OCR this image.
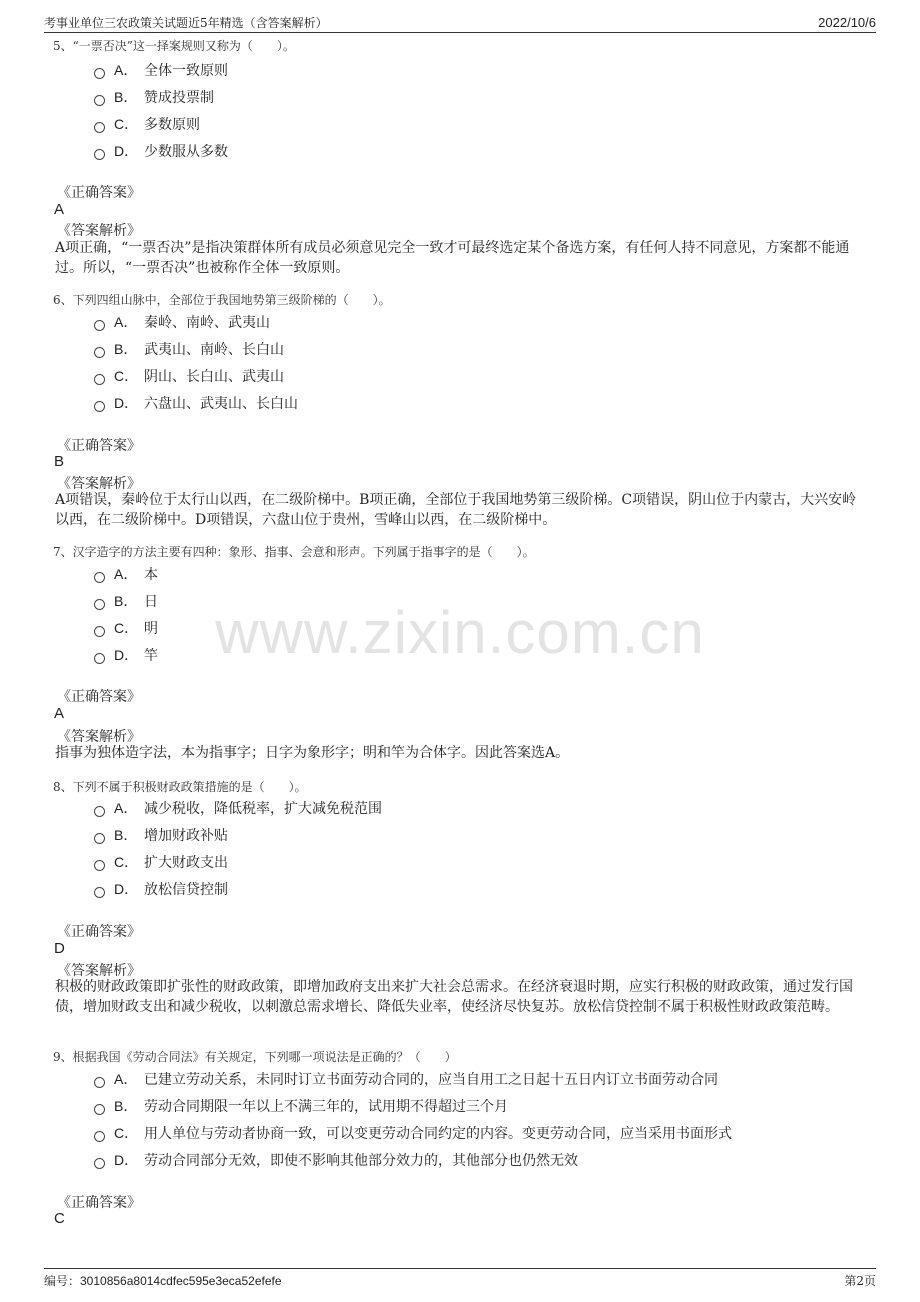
考事业单位三农政策关试题近5年精选（含答案解析）	2022/10/6
www.zixin.com.cn
5、“一票否决”这一择案规则又称为（　　）。
A． 全体一致原则
B． 赞成投票制
C． 多数原则
D． 少数服从多数
《正确答案》
A
《答案解析》
A项正确，“一票否决”是指决策群体所有成员必须意见完全一致才可最终选定某个备选方案，有任何人持不同意见，方案都不能通过。所以，“一票否决”也被称作全体一致原则。
6、下列四组山脉中，全部位于我国地势第三级阶梯的（　　）。
A． 秦岭、南岭、武夷山
B． 武夷山、南岭、长白山
C． 阴山、长白山、武夷山
D． 六盘山、武夷山、长白山
《正确答案》
B
《答案解析》
A项错误，秦岭位于太行山以西，在二级阶梯中。B项正确，全部位于我国地势第三级阶梯。C项错误，阴山位于内蒙古，大兴安岭以西，在二级阶梯中。D项错误，六盘山位于贵州，雪峰山以西，在二级阶梯中。
7、汉字造字的方法主要有四种：象形、指事、会意和形声。下列属于指事字的是（　　）。
A． 本
B． 日
C． 明
D． 竿
《正确答案》
A
《答案解析》
指事为独体造字法，本为指事字；日字为象形字；明和竿为合体字。因此答案选A。
8、下列不属于积极财政政策措施的是（　　）。
A． 减少税收，降低税率，扩大减免税范围
B． 增加财政补贴
C． 扩大财政支出
D． 放松信贷控制
《正确答案》
D
《答案解析》
积极的财政政策即扩张性的财政政策，即增加政府支出来扩大社会总需求。在经济衰退时期，应实行积极的财政政策，通过发行国债，增加财政支出和减少税收，以刺激总需求增长、降低失业率，使经济尽快复苏。放松信贷控制不属于积极性财政政策范畴。
9、根据我国《劳动合同法》有关规定，下列哪一项说法是正确的？（　　）
A． 已建立劳动关系，未同时订立书面劳动合同的，应当自用工之日起十五日内订立书面劳动合同
B． 劳动合同期限一年以上不满三年的，试用期不得超过三个月
C． 用人单位与劳动者协商一致，可以变更劳动合同约定的内容。变更劳动合同，应当采用书面形式
D． 劳动合同部分无效，即使不影响其他部分效力的，其他部分也仍然无效
《正确答案》
C
编号：3010856a8014cdfec595e3eca52efefe	第2页
